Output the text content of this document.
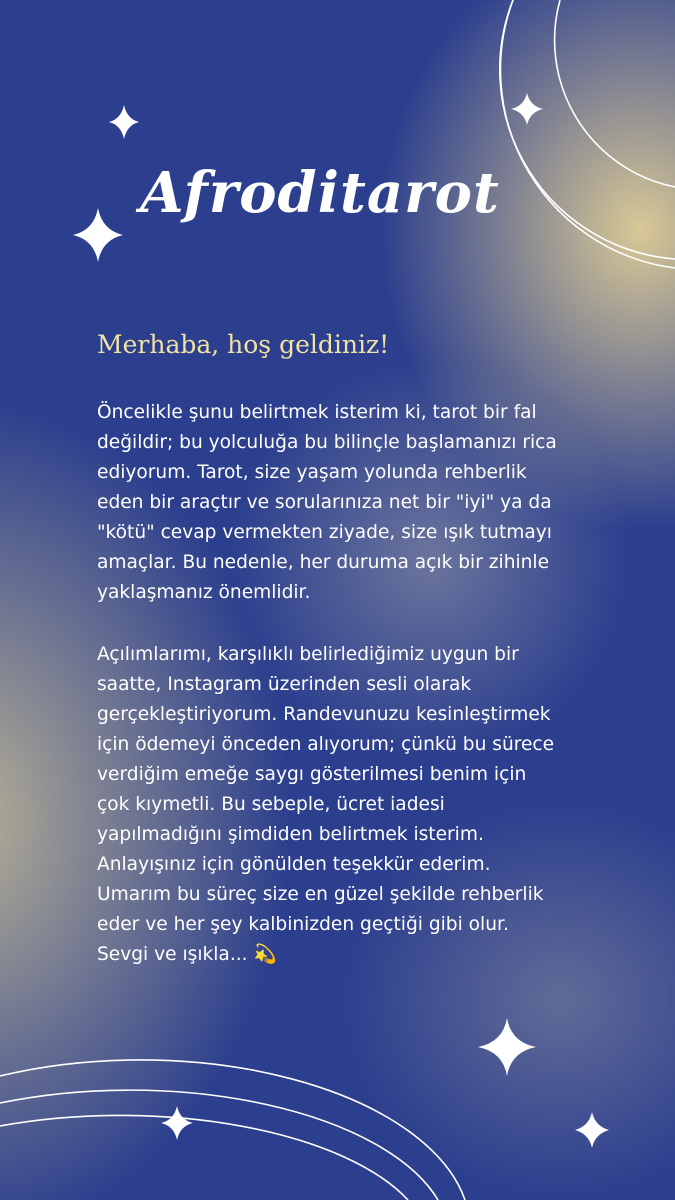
Afroditarot
Merhaba, hoş geldiniz!
Öncelikle şunu belirtmek isterim ki, tarot bir fal
değildir; bu yolculuğa bu bilinçle başlamanızı rica
ediyorum. Tarot, size yaşam yolunda rehberlik
eden bir araçtır ve sorularınıza net bir "iyi" ya da
"kötü" cevap vermekten ziyade, size ışık tutmayı
amaçlar. Bu nedenle, her duruma açık bir zihinle
yaklaşmanız önemlidir.
Açılımlarımı, karşılıklı belirlediğimiz uygun bir
saatte, Instagram üzerinden sesli olarak
gerçekleştiriyorum. Randevunuzu kesinleştirmek
için ödemeyi önceden alıyorum; çünkü bu sürece
verdiğim emeğe saygı gösterilmesi benim için
çok kıymetli. Bu sebeple, ücret iadesi
yapılmadığını şimdiden belirtmek isterim.
Anlayışınız için gönülden teşekkür ederim.
Umarım bu süreç size en güzel şekilde rehberlik
eder ve her şey kalbinizden geçtiği gibi olur.
Sevgi ve ışıkla... 💫
